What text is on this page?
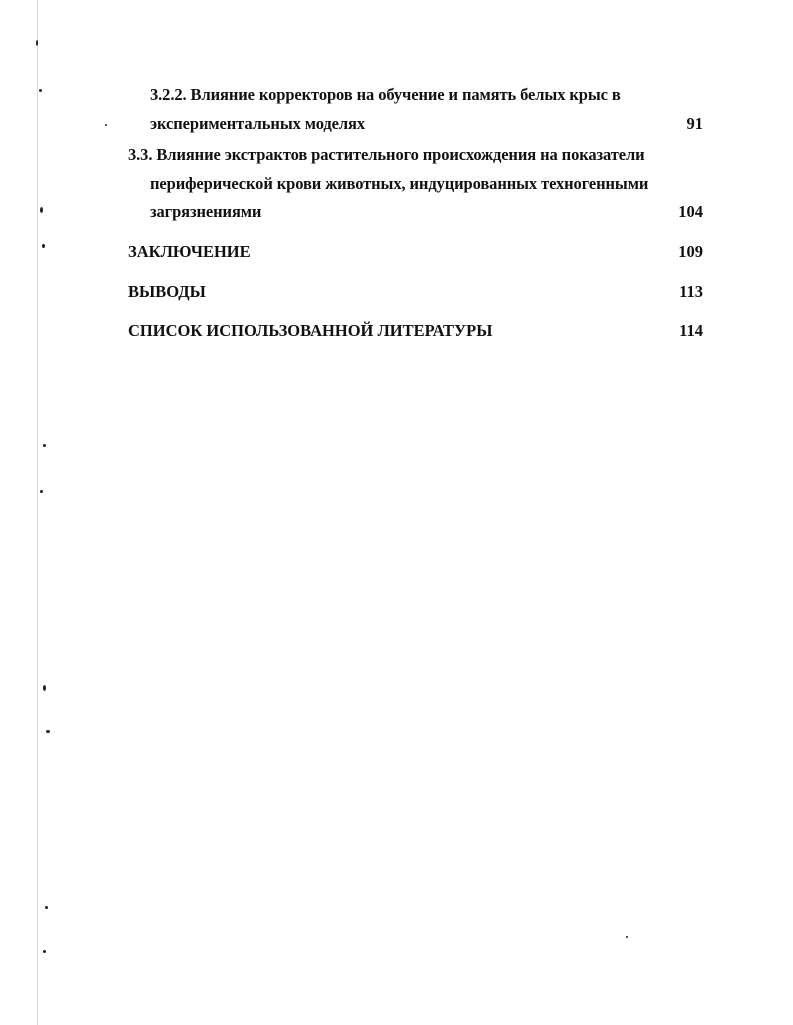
3.2.2. Влияние корректоров на обучение и память белых крыс в
экспериментальных моделях	91
3.3. Влияние экстрактов растительного происхождения на показатели
периферической крови животных, индуцированных техногенными
загрязнениями	104
ЗАКЛЮЧЕНИЕ	109
ВЫВОДЫ	113
СПИСОК ИСПОЛЬЗОВАННОЙ ЛИТЕРАТУРЫ	114
